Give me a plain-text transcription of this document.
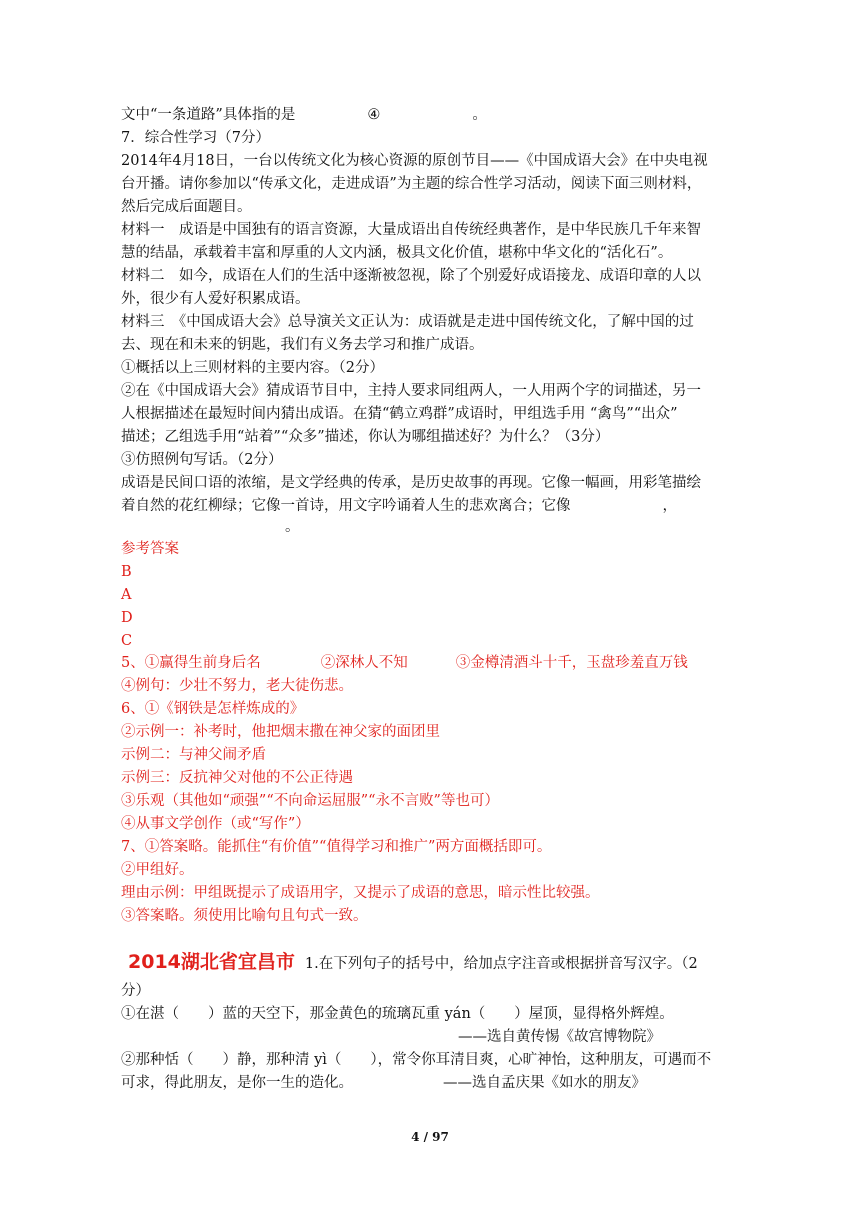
文中“一条道路”具体指的是	④	。
7．综合性学习（7分）
2014年4月18日，一台以传统文化为核心资源的原创节目——《中国成语大会》在中央电视
台开播。请你参加以“传承文化，走进成语”为主题的综合性学习活动，阅读下面三则材料，
然后完成后面题目。
材料一　成语是中国独有的语言资源，大量成语出自传统经典著作，是中华民族几千年来智
慧的结晶，承载着丰富和厚重的人文内涵，极具文化价值，堪称中华文化的“活化石”。
材料二　如今，成语在人们的生活中逐渐被忽视，除了个别爱好成语接龙、成语印章的人以
外，很少有人爱好积累成语。
材料三　《中国成语大会》总导演关文正认为：成语就是走进中国传统文化，了解中国的过
去、现在和未来的钥匙，我们有义务去学习和推广成语。
①概括以上三则材料的主要内容。（2分）
②在《中国成语大会》猜成语节目中，主持人要求同组两人，一人用两个字的词描述，另一
人根据描述在最短时间内猜出成语。在猜“鹤立鸡群”成语时，甲组选手用 “禽鸟”“出众”
描述；乙组选手用“站着”“众多”描述，你认为哪组描述好？为什么？（3分）
③仿照例句写话。（2分）
成语是民间口语的浓缩，是文学经典的传承，是历史故事的再现。它像一幅画，用彩笔描绘
着自然的花红柳绿；它像一首诗，用文字吟诵着人生的悲欢离合；它像	，
。
参考答案
B
A
D
C
5、①赢得生前身后名	②深林人不知	③金樽清酒斗十千，玉盘珍羞直万钱
④例句：少壮不努力，老大徒伤悲。
6、①《钢铁是怎样炼成的》
②示例一：补考时，他把烟末撒在神父家的面团里
示例二：与神父闹矛盾
示例三：反抗神父对他的不公正待遇
③乐观（其他如“顽强”“不向命运屈服”“永不言败”等也可）
④从事文学创作（或“写作”）
7、①答案略。能抓住“有价值”“值得学习和推广”两方面概括即可。
②甲组好。
理由示例：甲组既提示了成语用字，又提示了成语的意思，暗示性比较强。
③答案略。须使用比喻句且句式一致。
2014湖北省宜昌市 1.在下列句子的括号中，给加点字注音或根据拼音写汉字。（2
分）
①在湛（　　）蓝的天空下，那金黄色的琉璃瓦重 yán（　　）屋顶，显得格外辉煌。
——选自黄传惕《故宫博物院》
②那种恬（　　）静，那种清 yì（　　），常令你耳清目爽，心旷神怡，这种朋友，可遇而不
可求，得此朋友，是你一生的造化。	——选自孟庆果《如水的朋友》
4 / 97
